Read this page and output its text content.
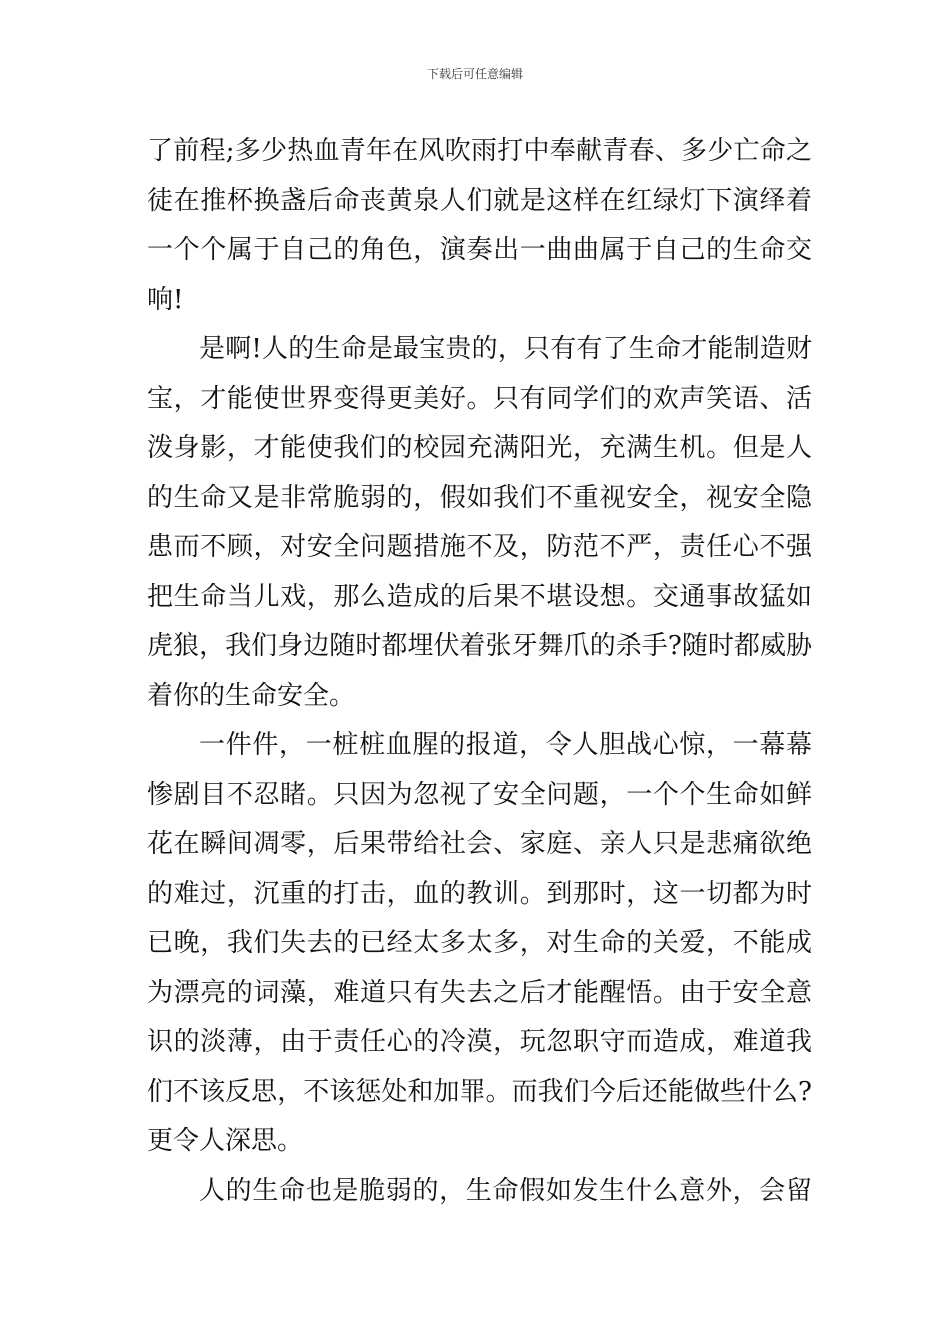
下载后可任意编辑
了前程;多少热血青年在风吹雨打中奉献青春、多少亡命之
徒在推杯换盏后命丧黄泉人们就是这样在红绿灯下演绎着
一个个属于自己的角色，演奏出一曲曲属于自己的生命交
响!
是啊!人的生命是最宝贵的，只有有了生命才能制造财
宝，才能使世界变得更美好。只有同学们的欢声笑语、活
泼身影，才能使我们的校园充满阳光，充满生机。但是人
的生命又是非常脆弱的，假如我们不重视安全，视安全隐
患而不顾，对安全问题措施不及，防范不严，责任心不强
把生命当儿戏，那么造成的后果不堪设想。交通事故猛如
虎狼，我们身边随时都埋伏着张牙舞爪的杀手?随时都威胁
着你的生命安全。
一件件，一桩桩血腥的报道，令人胆战心惊，一幕幕
惨剧目不忍睹。只因为忽视了安全问题，一个个生命如鲜
花在瞬间凋零，后果带给社会、家庭、亲人只是悲痛欲绝
的难过，沉重的打击，血的教训。到那时，这一切都为时
已晚，我们失去的已经太多太多，对生命的关爱，不能成
为漂亮的词藻，难道只有失去之后才能醒悟。由于安全意
识的淡薄，由于责任心的冷漠，玩忽职守而造成，难道我
们不该反思，不该惩处和加罪。而我们今后还能做些什么?
更令人深思。
人的生命也是脆弱的，生命假如发生什么意外，会留
